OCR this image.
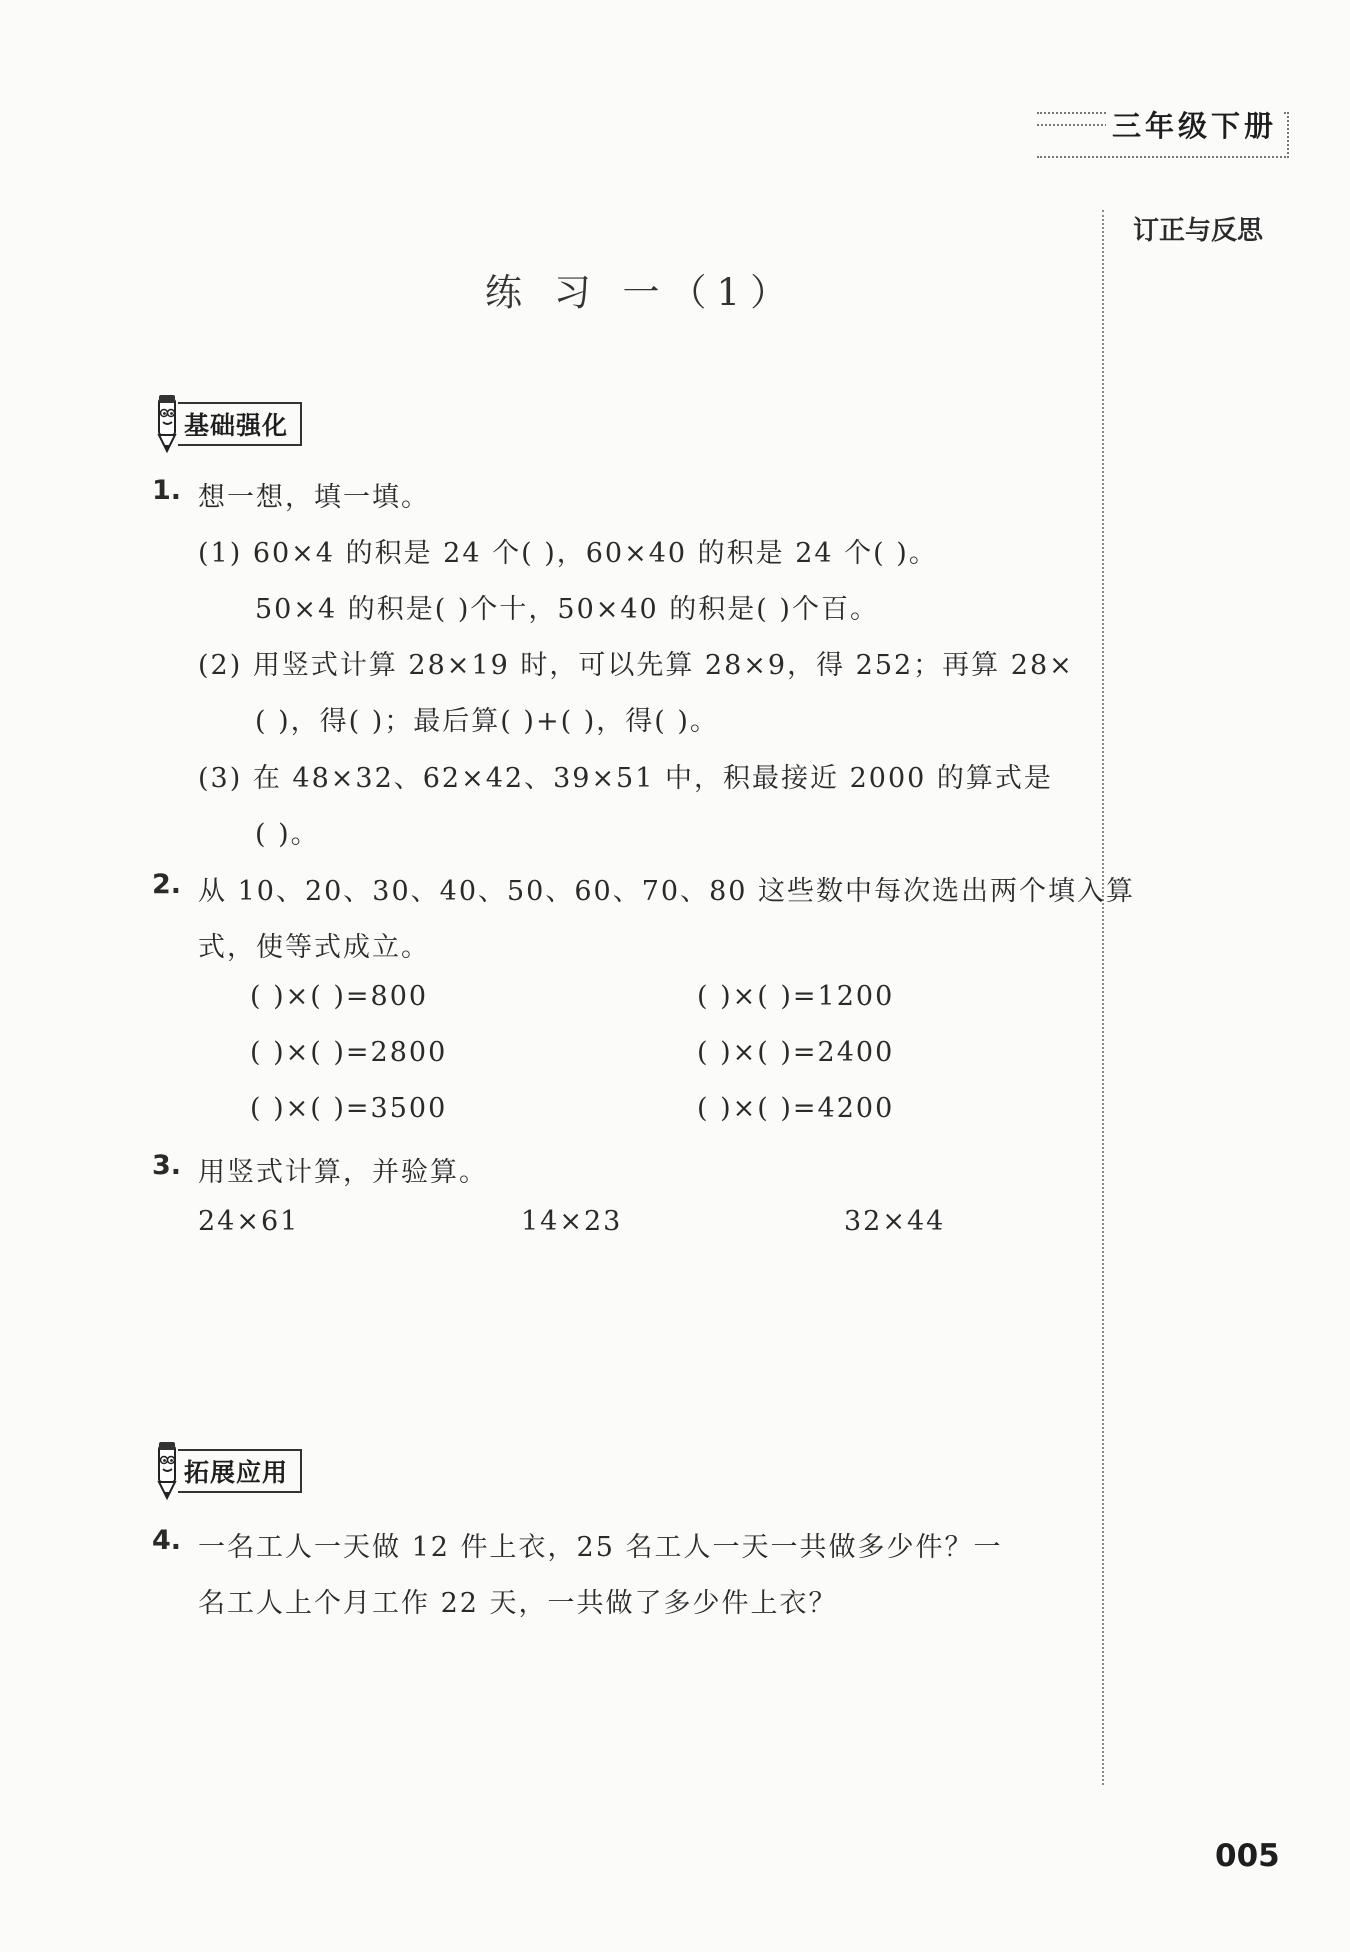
三年级下册
订正与反思
练 习 一（1）
基础强化
1. 想一想，填一填。
(1) 60×4 的积是 24 个( )，60×40 的积是 24 个( )。
50×4 的积是( )个十，50×40 的积是( )个百。
(2) 用竖式计算 28×19 时，可以先算 28×9，得 252；再算 28×
( )，得( )；最后算( )+( )，得( )。
(3) 在 48×32、62×42、39×51 中，积最接近 2000 的算式是
( )。
2. 从 10、20、30、40、50、60、70、80 这些数中每次选出两个填入算
式，使等式成立。
( )×( )=800	( )×( )=1200
( )×( )=2800	( )×( )=2400
( )×( )=3500	( )×( )=4200
3. 用竖式计算，并验算。
24×61	14×23	32×44
拓展应用
4. 一名工人一天做 12 件上衣，25 名工人一天一共做多少件？一
名工人上个月工作 22 天，一共做了多少件上衣？
005
